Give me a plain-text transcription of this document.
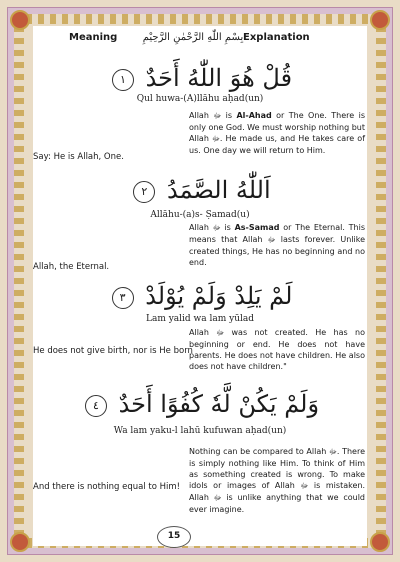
Meaning	بِسْمِ اللّٰهِ الرَّحْمٰنِ الرَّحِيْمِ Explanation
قُلْ هُوَ اللّٰهُ أَحَدٌ ١
Qul huwa-(A)llāhu aḥad(un)
Say: He is Allah, One.
Allah ﷻ is Al-Ahad or The One. There is only one God. We must worship nothing but Allah ﷻ. He made us, and He takes care of us. One day we will return to Him.
اَللّٰهُ الصَّمَدُ ٢
Allāhu-(a)s- Ṣamad(u)
Allah, the Eternal.
Allah ﷻ is As-Samad or The Eternal. This means that Allah ﷻ lasts forever. Unlike created things, He has no beginning and no end.
لَمْ يَلِدْ وَلَمْ يُوْلَدْ ٣
Lam yalid wa lam yūlad
He does not give birth, nor is He born
Allah ﷻ was not created. He has no beginning or end. He does not have parents. He does not have children. He also does not have children."
وَلَمْ يَكُنْ لَّهٗ كُفُوًا أَحَدٌ ٤
Wa lam yaku-l lahū kufuwan aḥad(un)
And there is nothing equal to Him!
Nothing can be compared to Allah ﷻ. There is simply nothing like Him. To think of Him as something created is wrong. To make idols or images of Allah ﷻ is mistaken. Allah ﷻ is unlike anything that we could ever imagine.
15
